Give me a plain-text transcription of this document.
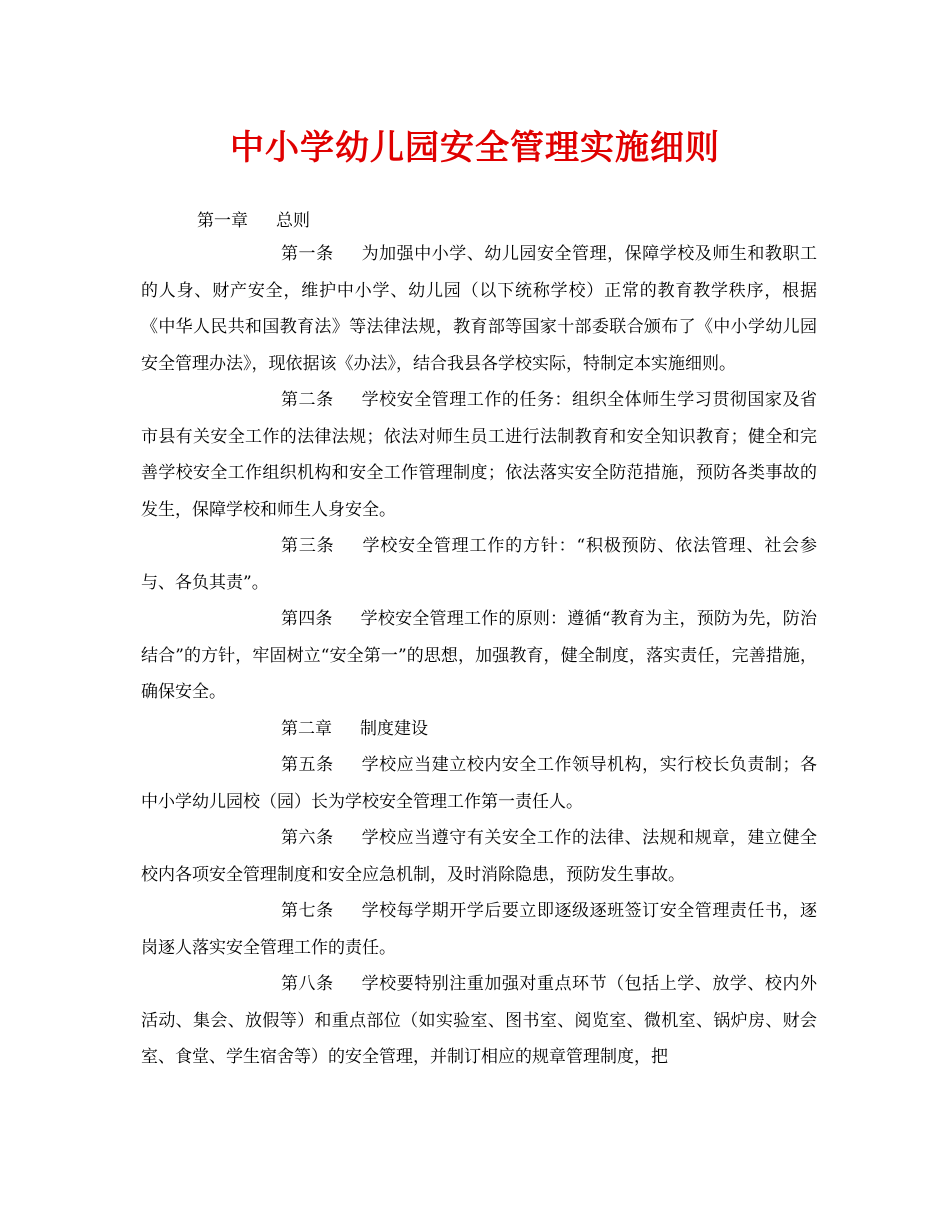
中小学幼儿园安全管理实施细则
第一章 总则

第一条 为加强中小学、幼儿园安全管理，保障学校及师生和教职工的人身、财产安全，维护中小学、幼儿园（以下统称学校）正常的教育教学秩序，根据《中华人民共和国教育法》等法律法规，教育部等国家十部委联合颁布了《中小学幼儿园安全管理办法》，现依据该《办法》，结合我县各学校实际，特制定本实施细则。

第二条 学校安全管理工作的任务：组织全体师生学习贯彻国家及省市县有关安全工作的法律法规；依法对师生员工进行法制教育和安全知识教育；健全和完善学校安全工作组织机构和安全工作管理制度；依法落实安全防范措施，预防各类事故的发生，保障学校和师生人身安全。

第三条 学校安全管理工作的方针：“积极预防、依法管理、社会参与、各负其责”。

第四条 学校安全管理工作的原则：遵循“教育为主，预防为先，防治结合”的方针，牢固树立“安全第一”的思想，加强教育，健全制度，落实责任，完善措施，确保安全。

第二章 制度建设

第五条 学校应当建立校内安全工作领导机构，实行校长负责制；各中小学幼儿园校（园）长为学校安全管理工作第一责任人。

第六条 学校应当遵守有关安全工作的法律、法规和规章，建立健全校内各项安全管理制度和安全应急机制，及时消除隐患，预防发生事故。

第七条 学校每学期开学后要立即逐级逐班签订安全管理责任书，逐岗逐人落实安全管理工作的责任。

第八条 学校要特别注重加强对重点环节（包括上学、放学、校内外活动、集会、放假等）和重点部位（如实验室、图书室、阅览室、微机室、锅炉房、财会室、食堂、学生宿舍等）的安全管理，并制订相应的规章管理制度，把
